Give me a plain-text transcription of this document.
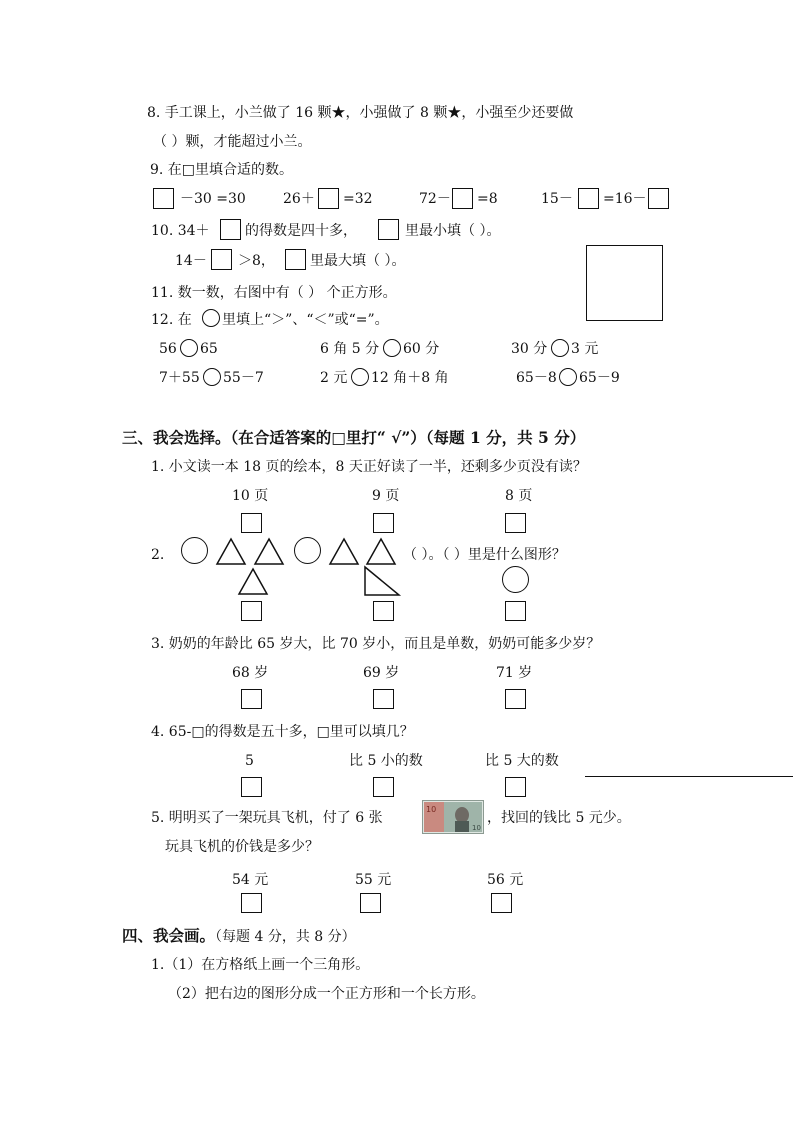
8. 手工课上，小兰做了 16 颗★，小强做了 8 颗★，小强至少还要做
（ ）颗，才能超过小兰。
9. 在□里填合适的数。
－30 =30	26＋ =32	72－ =8	15－ =16－
10. 34＋	的得数是四十多，	里最小填（ ）。
14－ ＞8，	里最大填（ ）。
11. 数一数，右图中有（ ） 个正方形。
12. 在 里填上“＞”、“＜”或“=”。
56 65	6 角 5 分 60 分	30 分 3 元
7＋55 55－7	2 元 12 角＋8 角	65－8 65－9
三、我会选择。（在合适答案的□里打“ √”）（每题 1 分，共 5 分）
1. 小文读一本 18 页的绘本，8 天正好读了一半，还剩多少页没有读？
10 页	9 页	8 页
2.	（ ）。（ ）里是什么图形？
3. 奶奶的年龄比 65 岁大，比 70 岁小，而且是单数，奶奶可能多少岁？
68 岁	69 岁	71 岁
4. 65-□的得数是五十多，□里可以填几？
5	比 5 小的数	比 5 大的数
5. 明明买了一架玩具飞机，付了 6 张
10
10
，找回的钱比 5 元少。
玩具飞机的价钱是多少？
54 元	55 元	56 元
四、我会画。（每题 4 分，共 8 分）
1.（1）在方格纸上画一个三角形。
（2）把右边的图形分成一个正方形和一个长方形。
